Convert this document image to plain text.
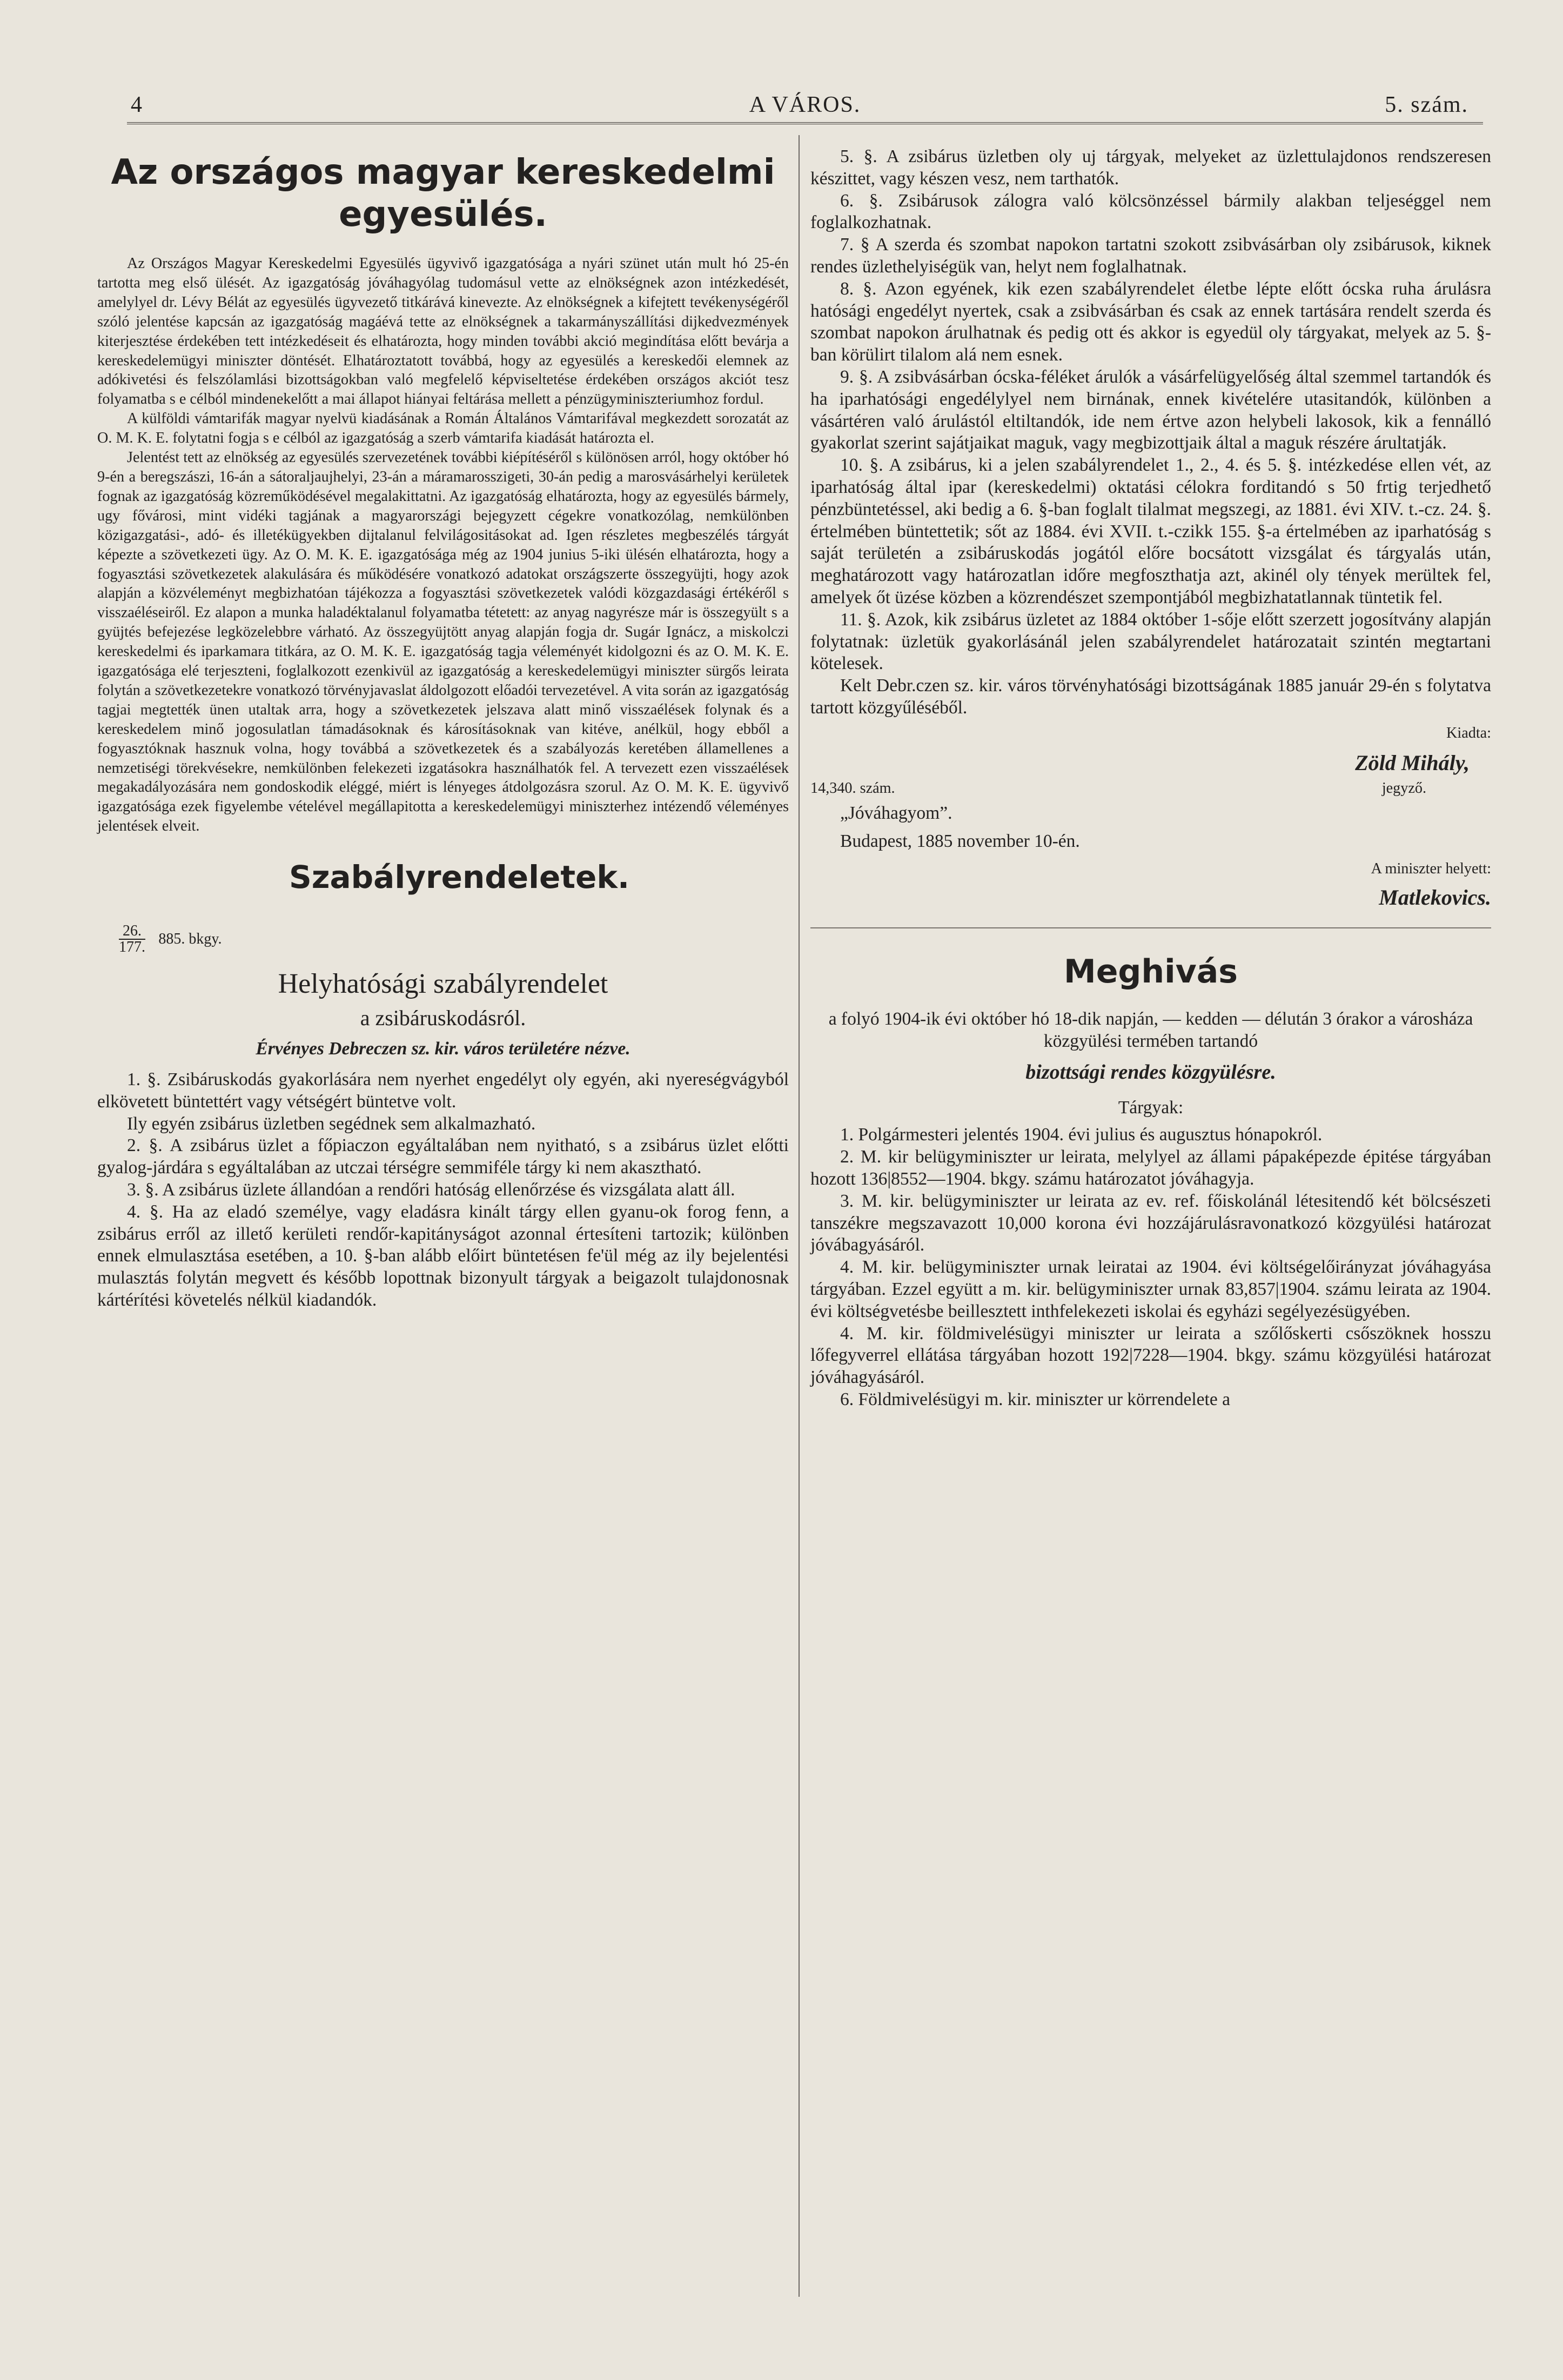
4	A VÁROS.	5. szám.
Az országos magyar kereskedelmi egyesülés.

Az Országos Magyar Kereskedelmi Egyesülés ügyvivő igazgatósága a nyári szünet után mult hó 25-én tartotta meg első ülését. Az igazgatóság jóváhagyólag tudomásul vette az elnökségnek azon intézkedését, amelylyel dr. Lévy Bélát az egyesülés ügyvezető titkárává kinevezte. Az elnökségnek a kifejtett tevékenységéről szóló jelentése kapcsán az igazgatóság magáévá tette az elnökségnek a takarmányszállítási dijkedvezmények kiterjesztése érdekében tett intézkedéseit és elhatározta, hogy minden további akció megindítása előtt bevárja a kereskedelemügyi miniszter döntését. Elhatároztatott továbbá, hogy az egyesülés a kereskedői elemnek az adókivetési és felszólamlási bizottságokban való megfelelő képviseltetése érdekében országos akciót tesz folyamatba s e célból mindenekelőtt a mai állapot hiányai feltárása mellett a pénzügyminiszteriumhoz fordul.

A külföldi vámtarifák magyar nyelvü kiadásának a Román Általános Vámtarifával megkezdett sorozatát az O. M. K. E. folytatni fogja s e célból az igazgatóság a szerb vámtarifa kiadását határozta el.

Jelentést tett az elnökség az egyesülés szervezetének további kiépítéséről s különösen arról, hogy október hó 9-én a beregszászi, 16-án a sátoraljaujhelyi, 23-án a máramarosszigeti, 30-án pedig a marosvásárhelyi kerületek fognak az igazgatóság közreműködésével megalakittatni. Az igazgatóság elhatározta, hogy az egyesülés bármely, ugy fővárosi, mint vidéki tagjának a magyarországi bejegyzett cégekre vonatkozólag, nemkülönben közigazgatási-, adó- és illetékügyekben dijtalanul felvilágositásokat ad. Igen részletes megbeszélés tárgyát képezte a szövetkezeti ügy. Az O. M. K. E. igazgatósága még az 1904 junius 5-iki ülésén elhatározta, hogy a fogyasztási szövetkezetek alakulására és működésére vonatkozó adatokat országszerte összegyüjti, hogy azok alapján a közvéleményt megbizhatóan tájékozza a fogyasztási szövetkezetek valódi közgazdasági értékéről s visszaéléseiről. Ez alapon a munka haladéktalanul folyamatba tétetett: az anyag nagyrésze már is összegyült s a gyüjtés befejezése legközelebbre várható. Az összegyüjtött anyag alapján fogja dr. Sugár Ignácz, a miskolczi kereskedelmi és iparkamara titkára, az O. M. K. E. igazgatóság tagja véleményét kidolgozni és az O. M. K. E. igazgatósága elé terjeszteni, foglalkozott ezenkivül az igazgatóság a kereskedelemügyi miniszter sürgős leirata folytán a szövetkezetekre vonatkozó törvényjavaslat áldolgozott előadói tervezetével. A vita során az igazgatóság tagjai megtették ünen utaltak arra, hogy a szövetkezetek jelszava alatt minő visszaélések folynak és a kereskedelem minő jogosulatlan támadásoknak és károsításoknak van kitéve, anélkül, hogy ebből a fogyasztóknak hasznuk volna, hogy továbbá a szövetkezetek és a szabályozás keretében államellenes a nemzetiségi törekvésekre, nemkülönben felekezeti izgatásokra használhatók fel. A tervezett ezen visszaélések megakadályozására nem gondoskodik eléggé, miért is lényeges átdolgozásra szorul. Az O. M. K. E. ügyvivő igazgatósága ezek figyelembe vételével megállapitotta a kereskedelemügyi miniszterhez intézendő véleményes jelentések elveit.

Szabályrendeletek.
$\frac{26.}{177.} 885$. bkgy.
Helyhatósági szabályrendelet
a zsibáruskodásról.

Érvényes Debreczen sz. kir. város területére nézve.

1. §. Zsibáruskodás gyakorlására nem nyerhet engedélyt oly egyén, aki nyereségvágyból elkövetett büntettért vagy vétségért büntetve volt.

Ily egyén zsibárus üzletben segédnek sem alkalmazható.

2. §. A zsibárus üzlet a főpiaczon egyáltalában nem nyitható, s a zsibárus üzlet előtti gyalog-járdára s egyáltalában az utczai térségre semmiféle tárgy ki nem akasztható.

3. §. A zsibárus üzlete állandóan a rendőri hatóság ellenőrzése és vizsgálata alatt áll.

4. §. Ha az eladó személye, vagy eladásra kinált tárgy ellen gyanu-ok forog fenn, a zsibárus erről az illető kerületi rendőr-kapitányságot azonnal értesíteni tartozik; különben ennek elmulasztása esetében, a 10. §-ban alább előirt büntetésen fe'ül még az ily bejelentési mulasztás folytán megvett és később lopottnak bizonyult tárgyak a beigazolt tulajdonosnak kártérítési követelés nélkül kiadandók.

5. §. A zsibárus üzletben oly uj tárgyak, melyeket az üzlettulajdonos rendszeresen készittet, vagy készen vesz, nem tarthatók.

6. §. Zsibárusok zálogra való kölcsönzéssel bármily alakban teljeséggel nem foglalkozhatnak.

7. § A szerda és szombat napokon tartatni szokott zsibvásárban oly zsibárusok, kiknek rendes üzlethelyiségük van, helyt nem foglalhatnak.

8. §. Azon egyének, kik ezen szabályrendelet életbe lépte előtt ócska ruha árulásra hatósági engedélyt nyertek, csak a zsibvásárban és csak az ennek tartására rendelt szerda és szombat napokon árulhatnak és pedig ott és akkor is egyedül oly tárgyakat, melyek az 5. §-ban körülirt tilalom alá nem esnek.

9. §. A zsibvásárban ócska-féléket árulók a vásárfelügyelőség által szemmel tartandók és ha iparhatósági engedélylyel nem birnának, ennek kivételére utasitandók, különben a vásártéren való árulástól eltiltandók, ide nem értve azon helybeli lakosok, kik a fennálló gyakorlat szerint sajátjaikat maguk, vagy megbizottjaik által a maguk részére árultatják.

10. §. A zsibárus, ki a jelen szabályrendelet 1., 2., 4. és 5. §. intézkedése ellen vét, az iparhatóság által ipar (kereskedelmi) oktatási célokra forditandó s 50 frtig terjedhető pénzbüntetéssel, aki bedig a 6. §-ban foglalt tilalmat megszegi, az 1881. évi XIV. t.-cz. 24. §. értelmében büntettetik; sőt az 1884. évi XVII. t.-czikk 155. §-a értelmében az iparhatóság s saját területén a zsibáruskodás jogától előre bocsátott vizsgálat és tárgyalás után, meghatározott vagy határozatlan időre megfoszthatja azt, akinél oly tények merültek fel, amelyek őt üzése közben a közrendészet szempontjából megbizhatatlannak tüntetik fel.

11. §. Azok, kik zsibárus üzletet az 1884 október 1-sője előtt szerzett jogosítvány alapján folytatnak: üzletük gyakorlásánál jelen szabályrendelet határozatait szintén megtartani kötelesek.

Kelt Debr.czen sz. kir. város törvényhatósági bizottságának 1885 január 29-én s folytatva tartott közgyűléséből.

Kiadta:
Zöld Mihály,
14,340. szám.	jegyző.

„Jóváhagyom”.

Budapest, 1885 november 10-én.

A miniszter helyett:
Matlekovics.
Meghivás

a folyó 1904-ik évi október hó 18-dik napján, — kedden — délután 3 órakor a városháza közgyülési termében tartandó

bizottsági rendes közgyülésre.

Tárgyak:

1. Polgármesteri jelentés 1904. évi julius és augusztus hónapokról.

2. M. kir belügyminiszter ur leirata, melylyel az állami pápaképezde épitése tárgyában hozott 136|8552—1904. bkgy. számu határozatot jóváhagyja.

3. M. kir. belügyminiszter ur leirata az ev. ref. főiskolánál létesitendő két bölcsészeti tanszékre megszavazott 10,000 korona évi hozzájárulásravonatkozó közgyülési határozat jóvábagyásáról.

4. M. kir. belügyminiszter urnak leiratai az 1904. évi költségelőirányzat jóváhagyása tárgyában. Ezzel együtt a m. kir. belügyminiszter urnak 83,857|1904. számu leirata az 1904. évi költségvetésbe beillesztett inthfelekezeti iskolai és egyházi segélyezésügyében.

4. M. kir. földmivelésügyi miniszter ur leirata a szőlőskerti csőszöknek hosszu lőfegyverrel ellátása tárgyában hozott 192|7228—1904. bkgy. számu közgyülési határozat jóváhagyásáról.

6. Földmivelésügyi m. kir. miniszter ur körrendelete a
